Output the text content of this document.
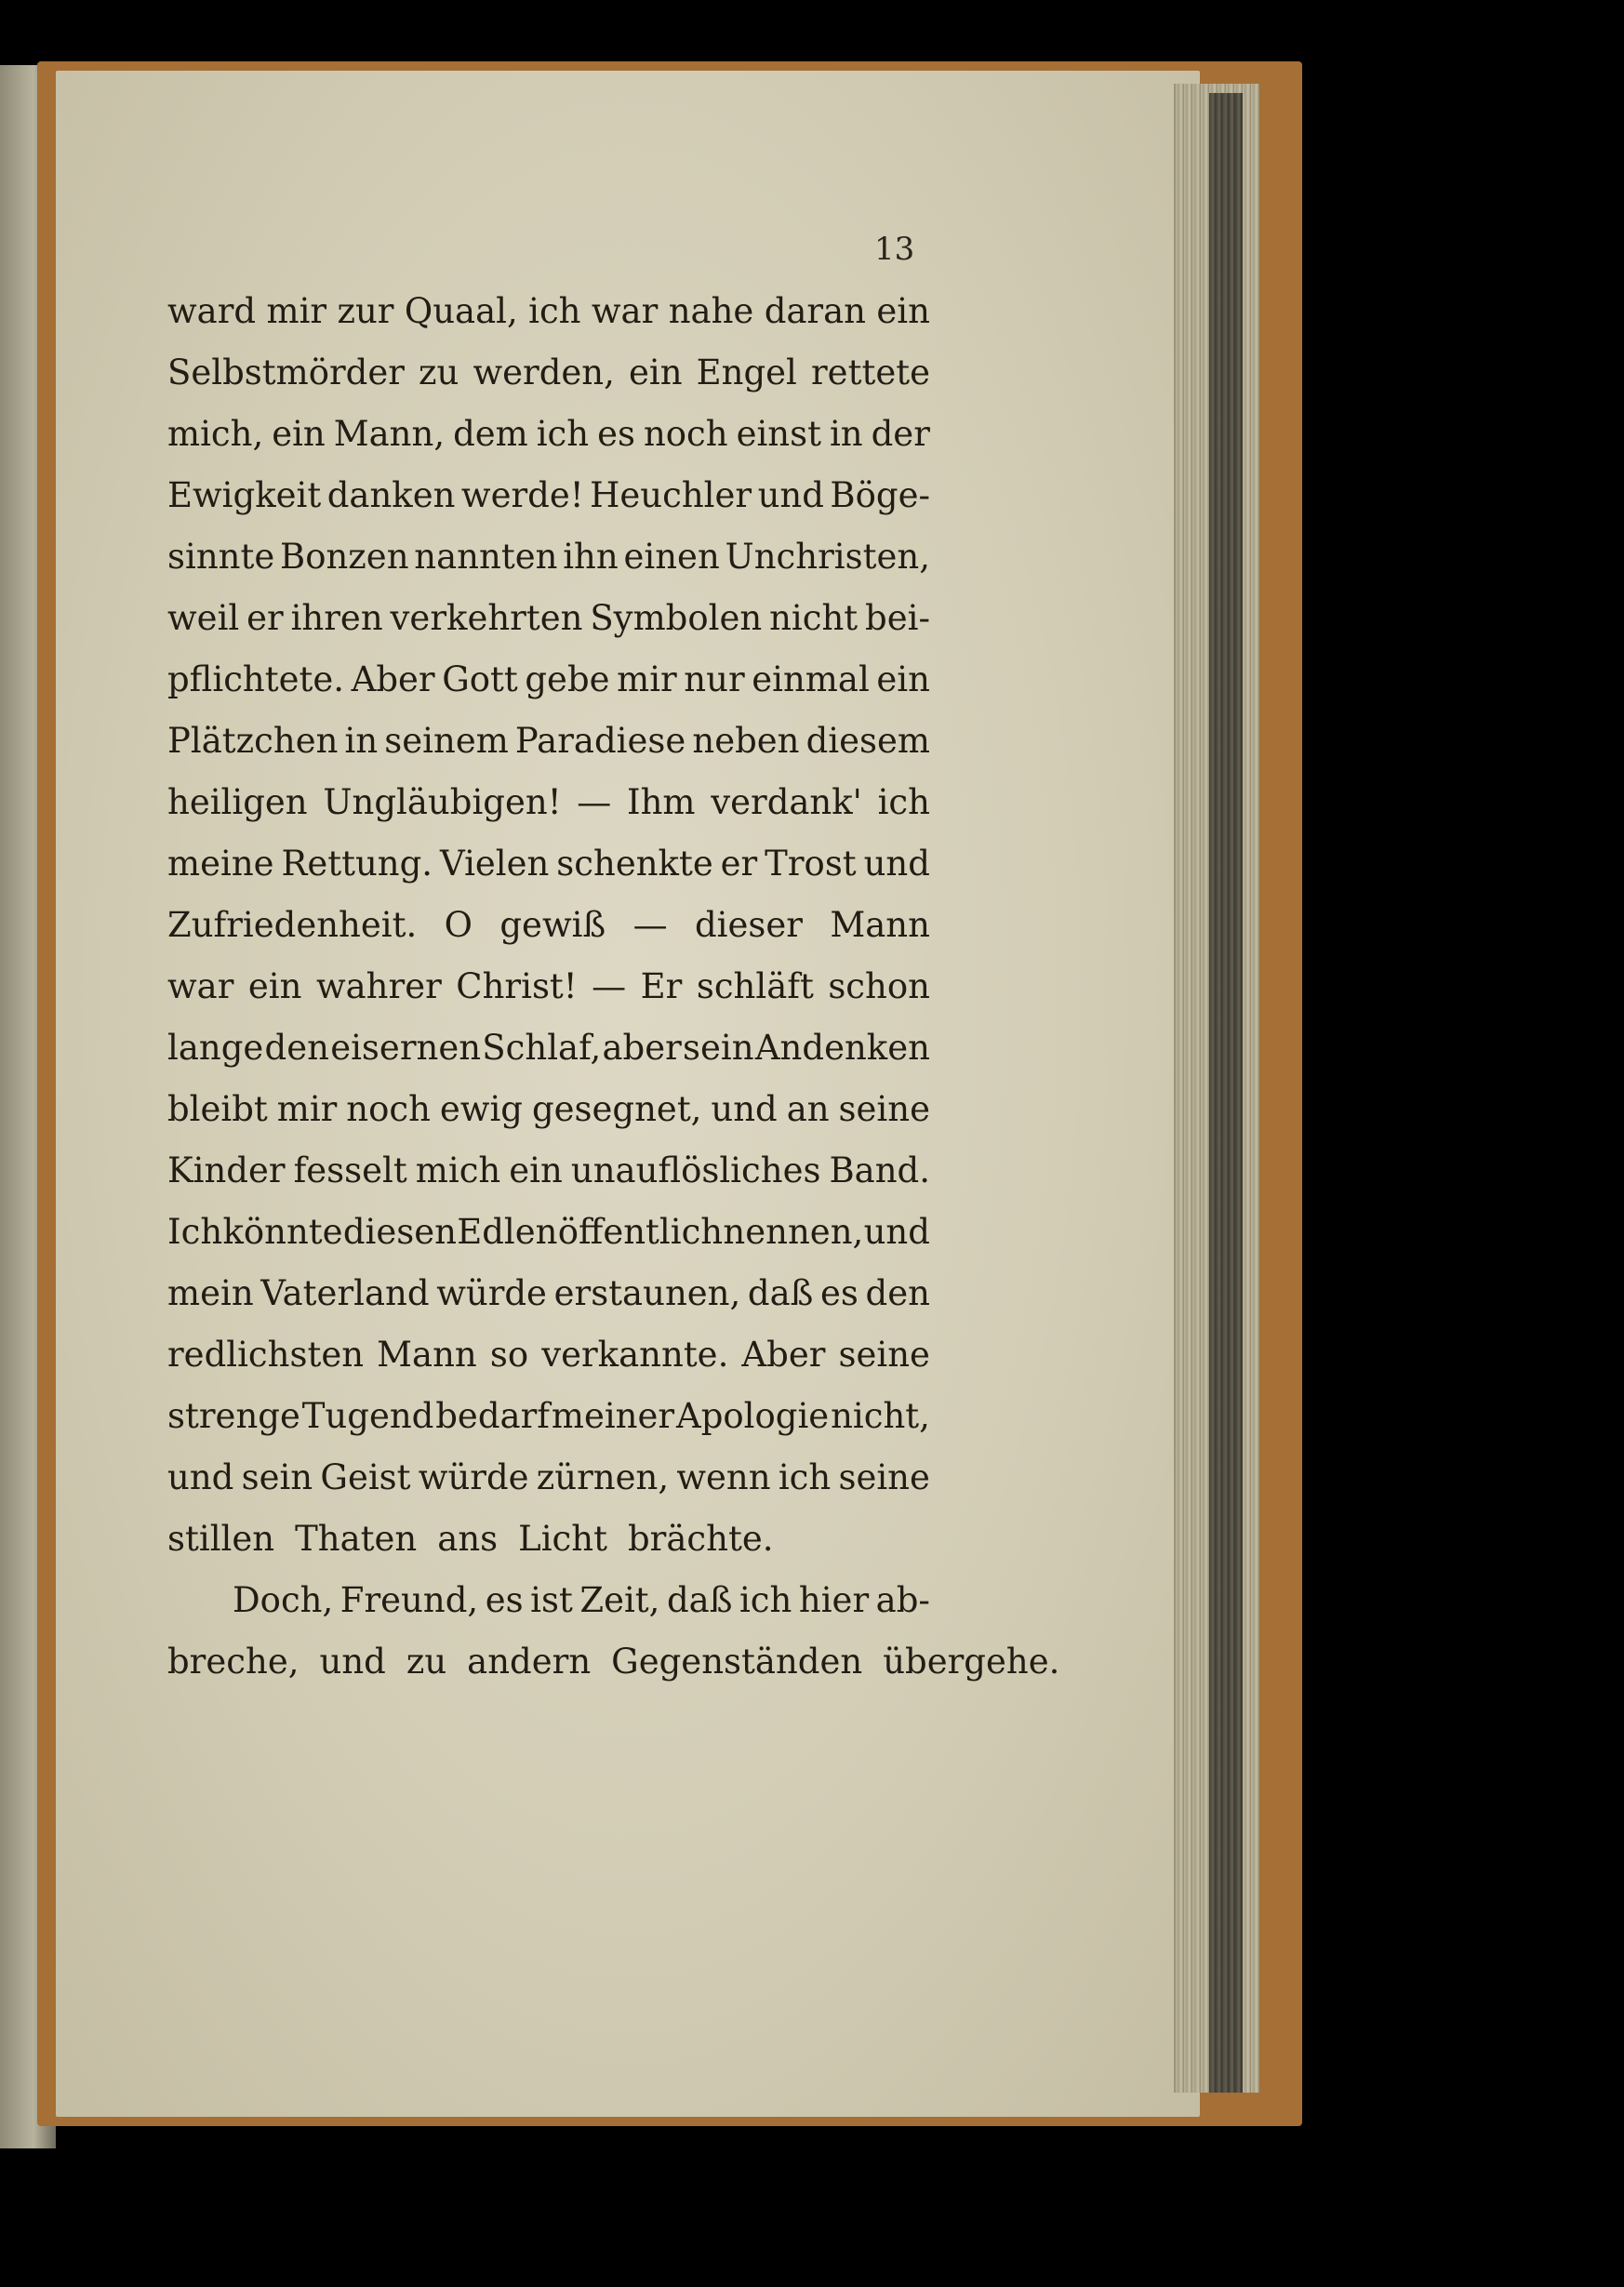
13
ward mir zur Quaal, ich war nahe daran ein
Selbstmörder zu werden, ein Engel rettete
mich, ein Mann, dem ich es noch einst in der
Ewigkeit danken werde! Heuchler und Böge-
sinnte Bonzen nannten ihn einen Unchristen,
weil er ihren verkehrten Symbolen nicht bei-
pflichtete. Aber Gott gebe mir nur einmal ein
Plätzchen in seinem Paradiese neben diesem
heiligen Ungläubigen! — Ihm verdank' ich
meine Rettung. Vielen schenkte er Trost und
Zufriedenheit. O gewiß — dieser Mann
war ein wahrer Christ! — Er schläft schon
lange den eisernen Schlaf, aber sein Andenken
bleibt mir noch ewig gesegnet, und an seine
Kinder fesselt mich ein unauflösliches Band.
Ich könnte diesen Edlen öffentlich nennen, und
mein Vaterland würde erstaunen, daß es den
redlichsten Mann so verkannte. Aber seine
strenge Tugend bedarf meiner Apologie nicht,
und sein Geist würde zürnen, wenn ich seine
stillen Thaten ans Licht brächte.
Doch, Freund, es ist Zeit, daß ich hier ab-
breche, und zu andern Gegenständen übergehe.
